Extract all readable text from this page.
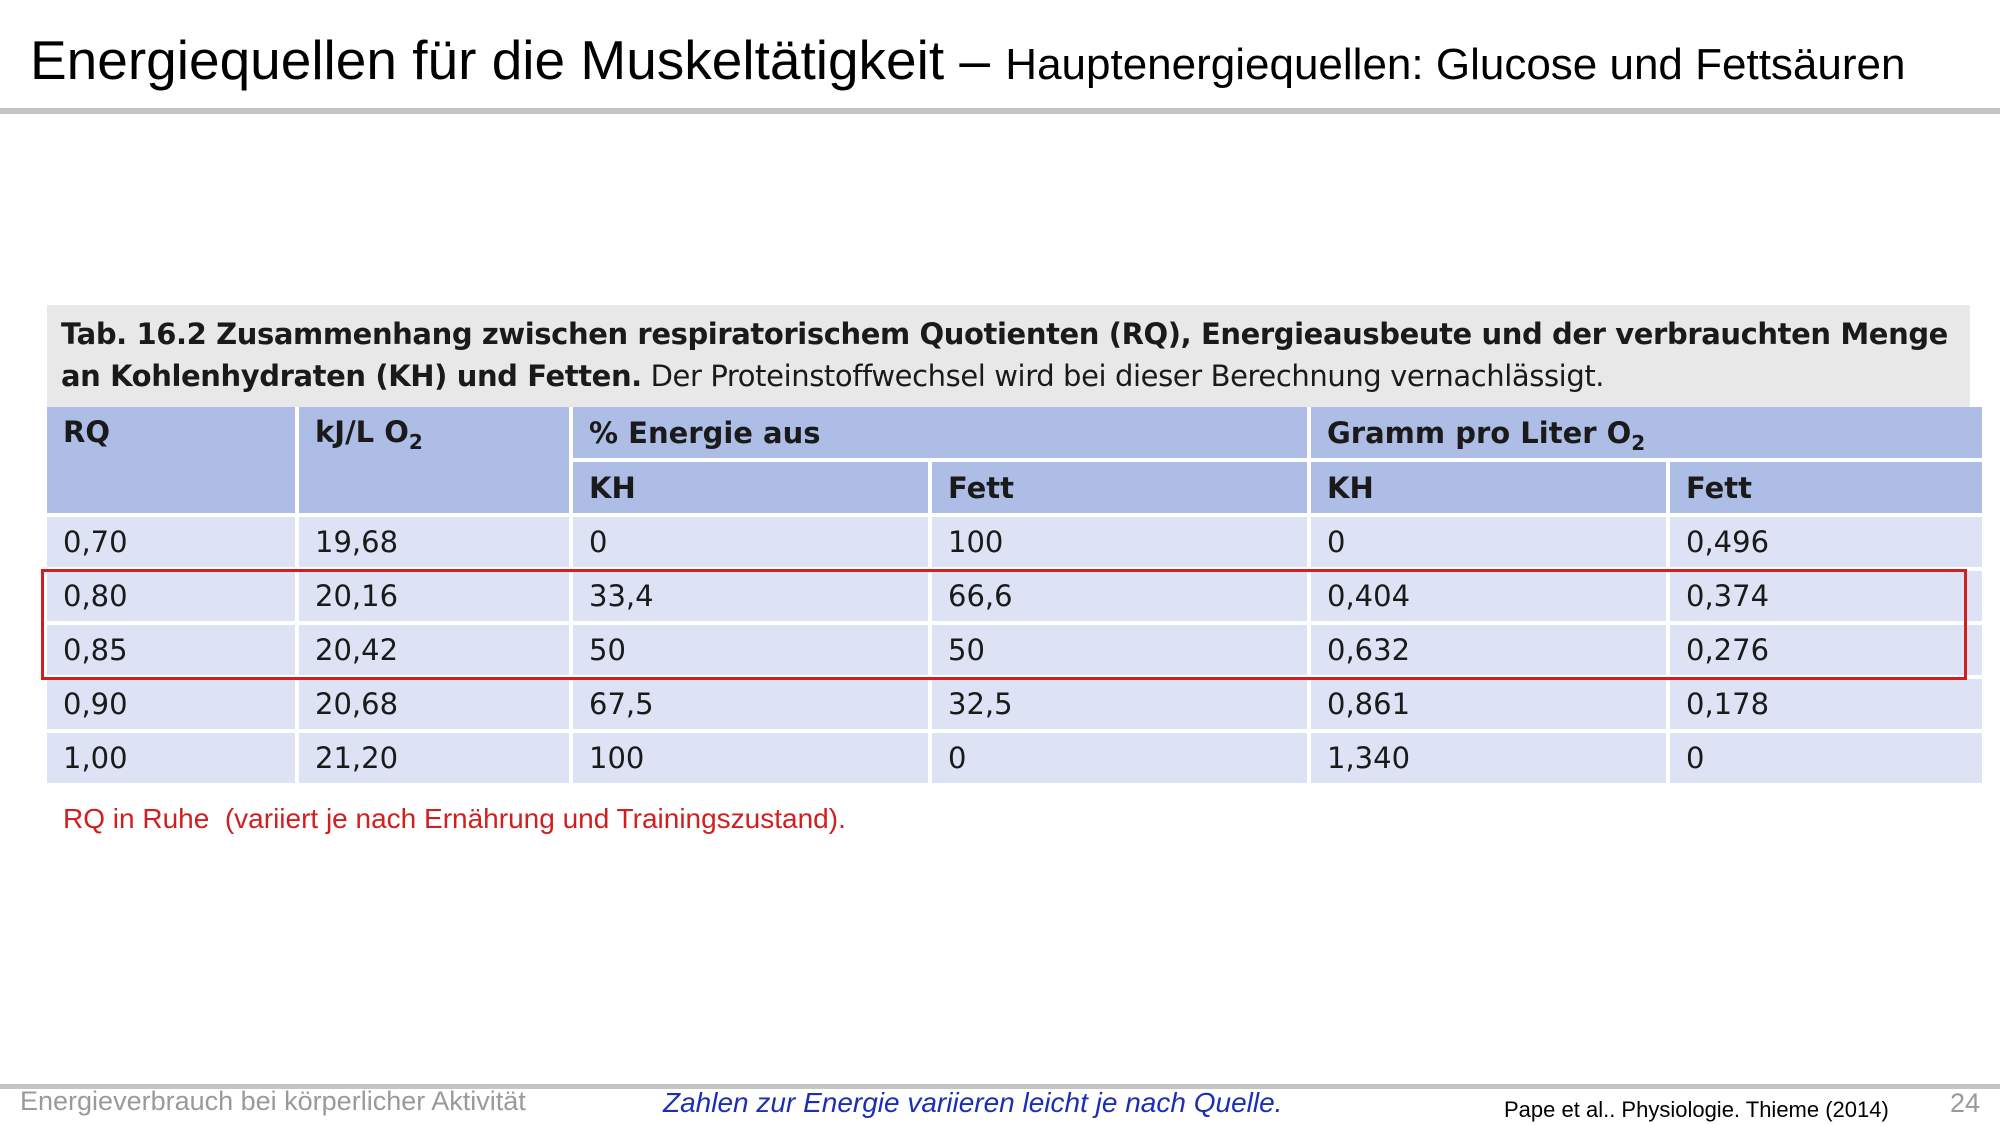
Energiequellen für die Muskeltätigkeit – Hauptenergiequellen: Glucose und Fettsäuren
Tab. 16.2 Zusammenhang zwischen respiratorischem Quotienten (RQ), Energieausbeute und der verbrauchten Menge an Kohlenhydraten (KH) und Fetten. Der Proteinstoffwechsel wird bei dieser Berechnung vernachlässigt.
RQ	kJ/L $O_2$	% Energie aus		Gramm pro Liter $O_2$
		KH	Fett	KH	Fett
0,70	19,68	0	100	0	0,496
0,80	20,16	33,4	66,6	0,404	0,374
0,85	20,42	50	50	0,632	0,276
0,90	20,68	67,5	32,5	0,861	0,178
1,00	21,20	100	0	1,340	0
RQ in Ruhe  (variiert je nach Ernährung und Trainingszustand).
Energieverbrauch bei körperlicher Aktivität	Zahlen zur Energie variieren leicht je nach Quelle.	Pape et al.. Physiologie. Thieme (2014) 24
